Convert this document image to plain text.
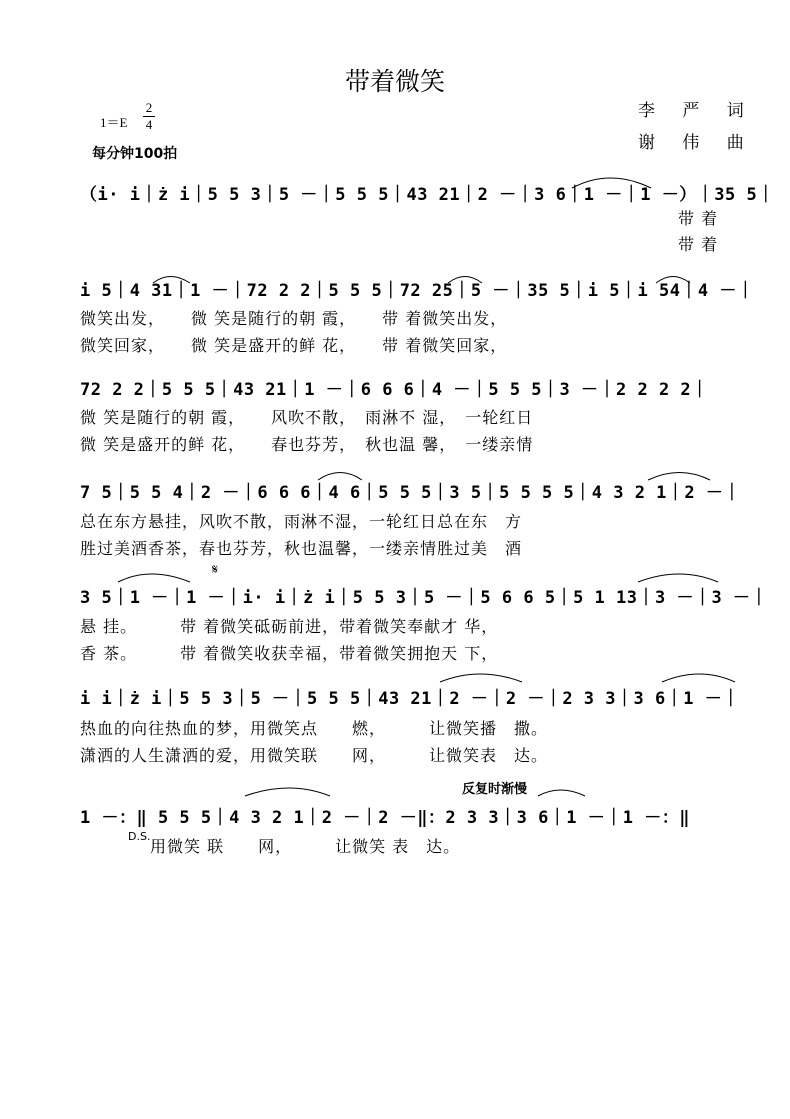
带着微笑
1＝E
2
4
每分钟100拍
李 严 词
谢 伟 曲
（i· i｜ż i｜5 5 3｜5 －｜5 5 5｜43 21｜2 －｜3 6｜1 －｜1 －）｜35 5｜
带 着
带 着
i 5｜4 31｜1 －｜72 2 2｜5 5 5｜72 25｜5 －｜35 5｜i 5｜i 54｜4 －｜
微笑出发，　　微 笑是随行的朝 霞，　　带 着微笑出发，
微笑回家，　　微 笑是盛开的鲜 花，　　带 着微笑回家，
72 2 2｜5 5 5｜43 21｜1 －｜6 6 6｜4 －｜5 5 5｜3 －｜2 2 2 2｜
微 笑是随行的朝 霞，　　风吹不散，　雨淋不 湿，　一轮红日
微 笑是盛开的鲜 花，　　春也芬芳，　秋也温 馨，　一缕亲情
7 5｜5 5 4｜2 －｜6 6 6｜4 6｜5 5 5｜3 5｜5 5 5 5｜4 3 2 1｜2 －｜
总在东方悬挂，风吹不散，雨淋不湿，一轮红日总在东　方
胜过美酒香茶，春也芬芳，秋也温馨，一缕亲情胜过美　酒
𝄋
3 5｜1 －｜1 －｜i· i｜ż i｜5 5 3｜5 －｜5 6 6 5｜5 1 13｜3 －｜3 －｜
悬 挂。　　　带 着微笑砥砺前进，带着微笑奉献才 华，
香 茶。　　　带 着微笑收获幸福，带着微笑拥抱天 下，
i i｜ż i｜5 5 3｜5 －｜5 5 5｜43 21｜2 －｜2 －｜2 3 3｜3 6｜1 －｜
热血的向往热血的梦，用微笑点　　燃，　　　让微笑播　撒。
潇洒的人生潇洒的爱，用微笑联　　网，　　　让微笑表　达。
反复时渐慢
1 －：‖ 5 5 5｜4 3 2 1｜2 －｜2 －‖：2 3 3｜3 6｜1 －｜1 －：‖
D.S.
用微笑 联　　网，　　　让微笑 表　达。
